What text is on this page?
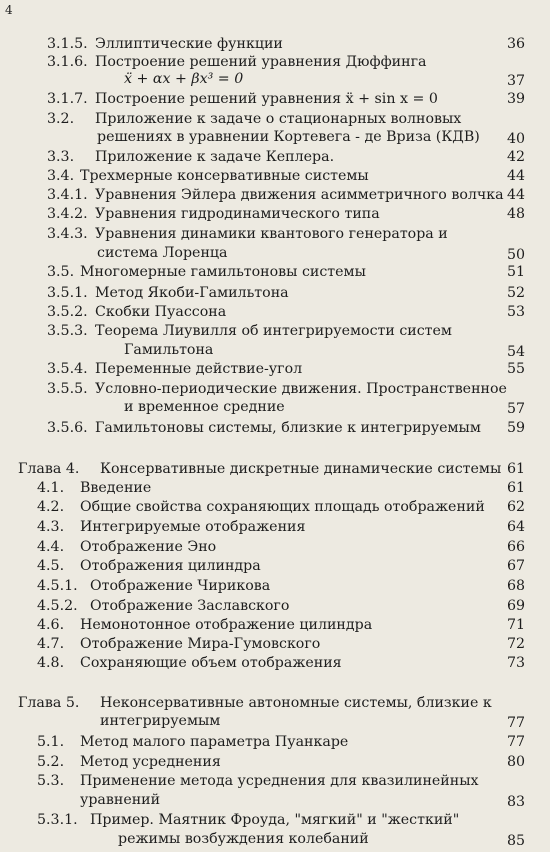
4
3.1.5. Эллиптические функции	36
3.1.6. Построение решений уравнения Дюффинга
ẍ + αx + βx³ = 0	37
3.1.7. Построение решений уравнения ẍ + sin x = 0	39
3.2. Приложение к задаче о стационарных волновых
решениях в уравнении Кортевега - де Вриза (КДВ) 40
3.3. Приложение к задаче Кеплера.	42
3.4. Трехмерные консервативные системы	44
3.4.1. Уравнения Эйлера движения асимметричного волчка 44
3.4.2. Уравнения гидродинамического типа	48
3.4.3. Уравнения динамики квантового генератора и
система Лоренца	50
3.5. Многомерные гамильтоновы системы	51
3.5.1. Метод Якоби-Гамильтона	52
3.5.2. Скобки Пуассона	53
3.5.3. Теорема Лиувилля об интегрируемости систем
Гамильтона	54
3.5.4. Переменные действие-угол	55
3.5.5. Условно-периодические движения. Пространственное
и временное средние	57
3.5.6. Гамильтоновы системы, близкие к интегрируемым 59
Глава 4. Консервативные дискретные динамические системы 61
4.1. Введение	61
4.2. Общие свойства сохраняющих площадь отображений 62
4.3. Интегрируемые отображения	64
4.4. Отображение Эно	66
4.5. Отображения цилиндра	67
4.5.1. Отображение Чирикова	68
4.5.2. Отображение Заславского	69
4.6. Немонотонное отображение цилиндра	71
4.7. Отображение Мира-Гумовского	72
4.8. Сохраняющие объем отображения	73
Глава 5. Неконсервативные автономные системы, близкие к
интегрируемым	77
5.1. Метод малого параметра Пуанкаре	77
5.2. Метод усреднения	80
5.3. Применение метода усреднения для квазилинейных
уравнений	83
5.3.1. Пример. Маятник Фроуда, "мягкий" и "жесткий"
режимы возбуждения колебаний	85
